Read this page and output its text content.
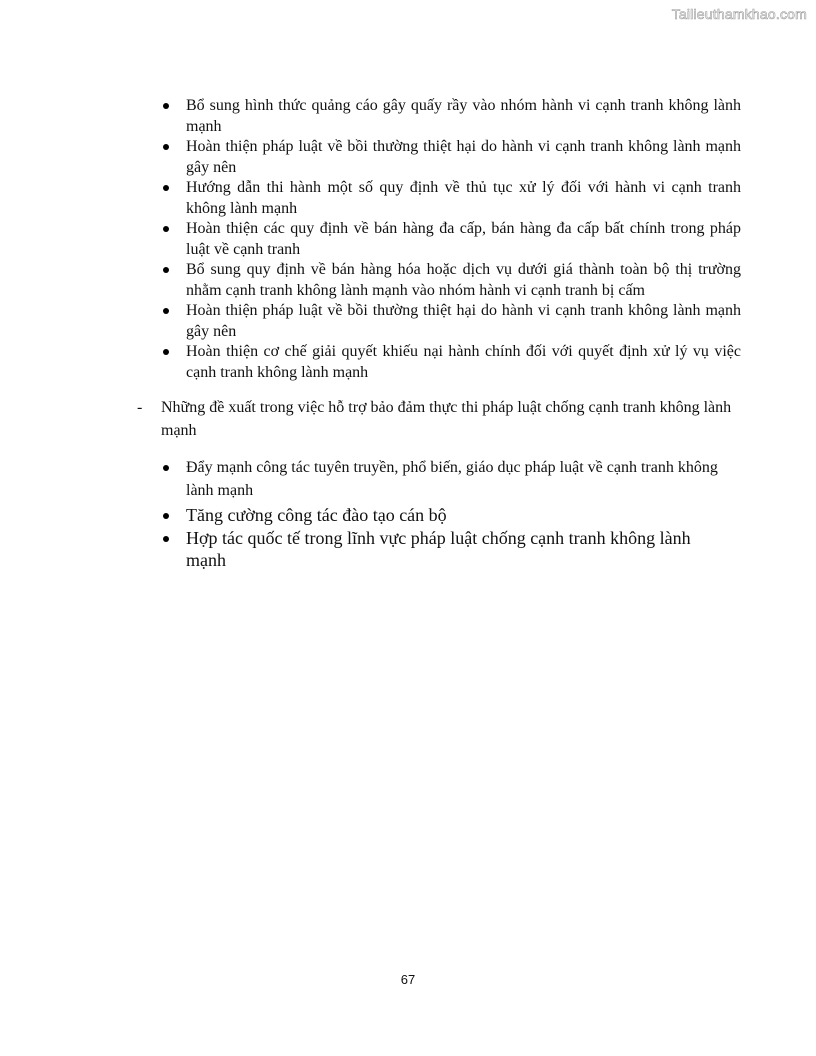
Tailieuthamkhao.com
Bổ sung hình thức quảng cáo gây quấy rầy vào nhóm hành vi cạnh tranh không lành mạnh
Hoàn thiện pháp luật về bồi thường thiệt hại do hành vi cạnh tranh không lành mạnh gây nên
Hướng dẫn thi hành một số quy định về thủ tục xử lý đối với hành vi cạnh tranh không lành mạnh
Hoàn thiện các quy định về bán hàng đa cấp, bán hàng đa cấp bất chính trong pháp luật về cạnh tranh
Bổ sung quy định về bán hàng hóa hoặc dịch vụ dưới giá thành toàn bộ thị trường nhằm cạnh tranh không lành mạnh vào nhóm hành vi cạnh tranh bị cấm
Hoàn thiện pháp luật về bồi thường thiệt hại do hành vi cạnh tranh không lành mạnh gây nên
Hoàn thiện cơ chế giải quyết khiếu nại hành chính đối với quyết định xử lý vụ việc cạnh tranh không lành mạnh
- Những đề xuất trong việc hỗ trợ bảo đảm thực thi pháp luật chống cạnh tranh không lành mạnh
Đẩy mạnh công tác tuyên truyền, phổ biến, giáo dục pháp luật về cạnh tranh không lành mạnh
Tăng cường công tác đào tạo cán bộ
Hợp tác quốc tế trong lĩnh vực pháp luật chống cạnh tranh không lành mạnh
67
